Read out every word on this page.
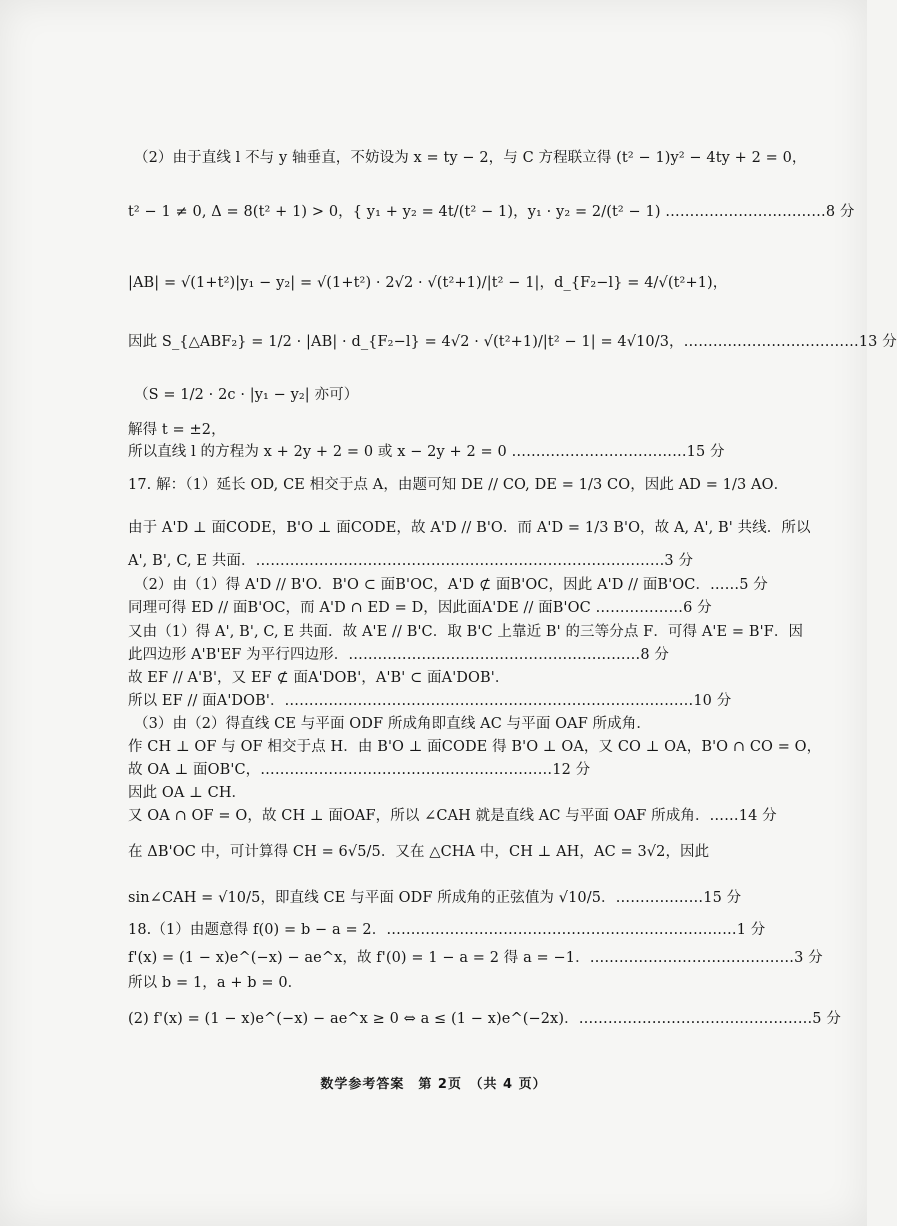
（2）由于直线 l 不与 y 轴垂直，不妨设为 x = ty − 2，与 C 方程联立得 (t² − 1)y² − 4ty + 2 = 0，
t² − 1 ≠ 0, Δ = 8(t² + 1) > 0，{ y₁ + y₂ = 4t/(t² − 1)，y₁ · y₂ = 2/(t² − 1) ……………………………8 分
|AB| = √(1+t²)|y₁ − y₂| = √(1+t²) · 2√2 · √(t²+1)/|t² − 1|，d_{F₂−l} = 4/√(t²+1)，
因此 S_{△ABF₂} = 1/2 · |AB| · d_{F₂−l} = 4√2 · √(t²+1)/|t² − 1| = 4√10/3，………………………………13 分
（S = 1/2 · 2c · |y₁ − y₂| 亦可）
解得 t = ±2，
所以直线 l 的方程为 x + 2y + 2 = 0 或 x − 2y + 2 = 0 ………………………………15 分
17. 解：（1）延长 OD, CE 相交于点 A，由题可知 DE // CO, DE = 1/3 CO，因此 AD = 1/3 AO．
由于 A'D ⊥ 面CODE，B'O ⊥ 面CODE，故 A'D // B'O．而 A'D = 1/3 B'O，故 A, A', B' 共线．所以
A', B', C, E 共面．…………………………………………………………………………3 分
（2）由（1）得 A'D // B'O．B'O ⊂ 面B'OC，A'D ⊄ 面B'OC，因此 A'D // 面B'OC．……5 分
同理可得 ED // 面B'OC，而 A'D ∩ ED = D，因此面A'DE // 面B'OC ………………6 分
又由（1）得 A', B', C, E 共面．故 A'E // B'C．取 B'C 上靠近 B' 的三等分点 F．可得 A'E = B'F．因
此四边形 A'B'EF 为平行四边形．……………………………………………………8 分
故 EF // A'B'，又 EF ⊄ 面A'DOB'，A'B' ⊂ 面A'DOB'．
所以 EF // 面A'DOB'．…………………………………………………………………………10 分
（3）由（2）得直线 CE 与平面 ODF 所成角即直线 AC 与平面 OAF 所成角．
作 CH ⊥ OF 与 OF 相交于点 H．由 B'O ⊥ 面CODE 得 B'O ⊥ OA，又 CO ⊥ OA，B'O ∩ CO = O，
故 OA ⊥ 面OB'C，……………………………………………………12 分
因此 OA ⊥ CH．
又 OA ∩ OF = O，故 CH ⊥ 面OAF，所以 ∠CAH 就是直线 AC 与平面 OAF 所成角．……14 分
在 ΔB'OC 中，可计算得 CH = 6√5/5．又在 △CHA 中，CH ⊥ AH，AC = 3√2，因此
sin∠CAH = √10/5，即直线 CE 与平面 ODF 所成角的正弦值为 √10/5．………………15 分
18.（1）由题意得 f(0) = b − a = 2．………………………………………………………………1 分
f'(x) = (1 − x)e^(−x) − ae^x，故 f'(0) = 1 − a = 2 得 a = −1．……………………………………3 分
所以 b = 1，a + b = 0．
(2) f'(x) = (1 − x)e^(−x) − ae^x ≥ 0 ⇔ a ≤ (1 − x)e^(−2x)．…………………………………………5 分
数学参考答案　第 2页　（共 4 页）
